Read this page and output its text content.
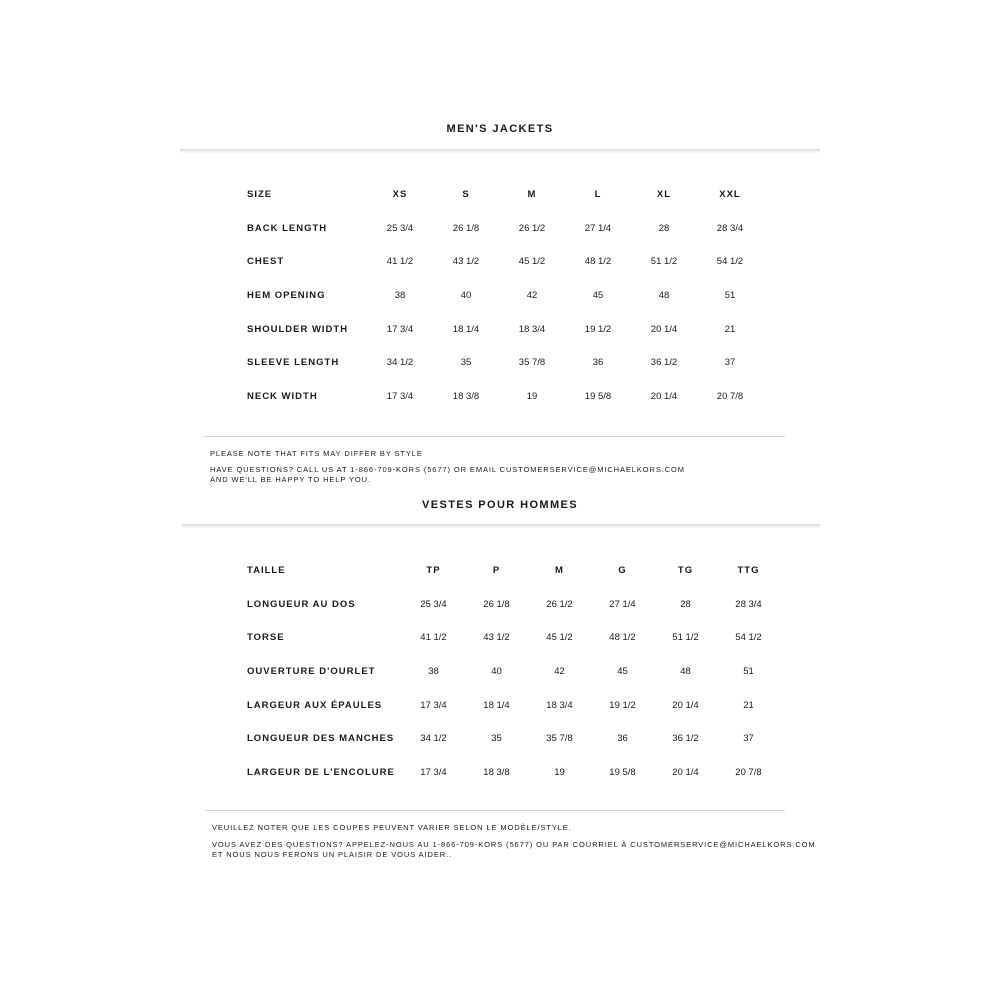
MEN'S JACKETS
SIZE	XS	S	M	L	XL	XXL
BACK LENGTH	25 3/4	26 1/8	26 1/2	27 1/4	28	28 3/4
CHEST	41 1/2	43 1/2	45 1/2	48 1/2	51 1/2	54 1/2
HEM OPENING	38	40	42	45	48	51
SHOULDER WIDTH	17 3/4	18 1/4	18 3/4	19 1/2	20 1/4	21
SLEEVE LENGTH	34 1/2	35	35 7/8	36	36 1/2	37
NECK WIDTH	17 3/4	18 3/8	19	19 5/8	20 1/4	20 7/8
PLEASE NOTE THAT FITS MAY DIFFER BY STYLE
HAVE QUESTIONS? CALL US AT 1-866-709-KORS (5677) OR EMAIL CUSTOMERSERVICE@MICHAELKORS.COM
AND WE'LL BE HAPPY TO HELP YOU.
VESTES POUR HOMMES
TAILLE	TP	P	M	G	TG	TTG
LONGUEUR AU DOS	25 3/4	26 1/8	26 1/2	27 1/4	28	28 3/4
TORSE	41 1/2	43 1/2	45 1/2	48 1/2	51 1/2	54 1/2
OUVERTURE D'OURLET	38	40	42	45	48	51
LARGEUR AUX ÉPAULES	17 3/4	18 1/4	18 3/4	19 1/2	20 1/4	21
LONGUEUR DES MANCHES	34 1/2	35	35 7/8	36	36 1/2	37
LARGEUR DE L'ENCOLURE	17 3/4	18 3/8	19	19 5/8	20 1/4	20 7/8
VEUILLEZ NOTER QUE LES COUPES PEUVENT VARIER SELON LE MODÈLE/STYLE.
VOUS AVEZ DES QUESTIONS? APPELEZ-NOUS AU 1-866-709-KORS (5677) OU PAR COURRIEL À CUSTOMERSERVICE@MICHAELKORS.COM
ET NOUS NOUS FERONS UN PLAISIR DE VOUS AIDER..
